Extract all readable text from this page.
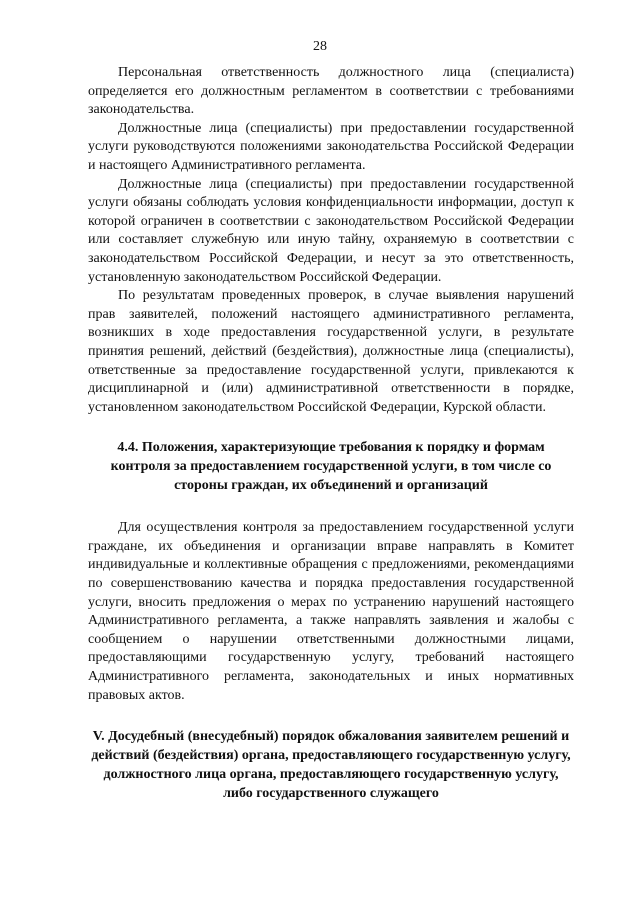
28

Персональная ответственность должностного лица (специалиста) определяется его должностным регламентом в соответствии с требованиями законодательства.

Должностные лица (специалисты) при предоставлении государственной услуги руководствуются положениями законодательства Российской Федерации и настоящего Административного регламента.

Должностные лица (специалисты) при предоставлении государственной услуги обязаны соблюдать условия конфиденциальности информации, доступ к которой ограничен в соответствии с законодательством Российской Федерации или составляет служебную или иную тайну, охраняемую в соответствии с законодательством Российской Федерации, и несут за это ответственность, установленную законодательством Российской Федерации.

По результатам проведенных проверок, в случае выявления нарушений прав заявителей, положений настоящего административного регламента, возникших в ходе предоставления государственной услуги, в результате принятия решений, действий (бездействия), должностные лица (специалисты), ответственные за предоставление государственной услуги, привлекаются к дисциплинарной и (или) административной ответственности в порядке, установленном законодательством Российской Федерации, Курской области.

4.4. Положения, характеризующие требования к порядку и формам контроля за предоставлением государственной услуги, в том числе со стороны граждан, их объединений и организаций

Для осуществления контроля за предоставлением государственной услуги граждане, их объединения и организации вправе направлять в Комитет индивидуальные и коллективные обращения с предложениями, рекомендациями по совершенствованию качества и порядка предоставления государственной услуги, вносить предложения о мерах по устранению нарушений настоящего Административного регламента, а также направлять заявления и жалобы с сообщением о нарушении ответственными должностными лицами, предоставляющими государственную услугу, требований настоящего Административного регламента, законодательных и иных нормативных правовых актов.

V. Досудебный (внесудебный) порядок обжалования заявителем решений и действий (бездействия) органа, предоставляющего государственную услугу, должностного лица органа, предоставляющего государственную услугу, либо государственного служащего
